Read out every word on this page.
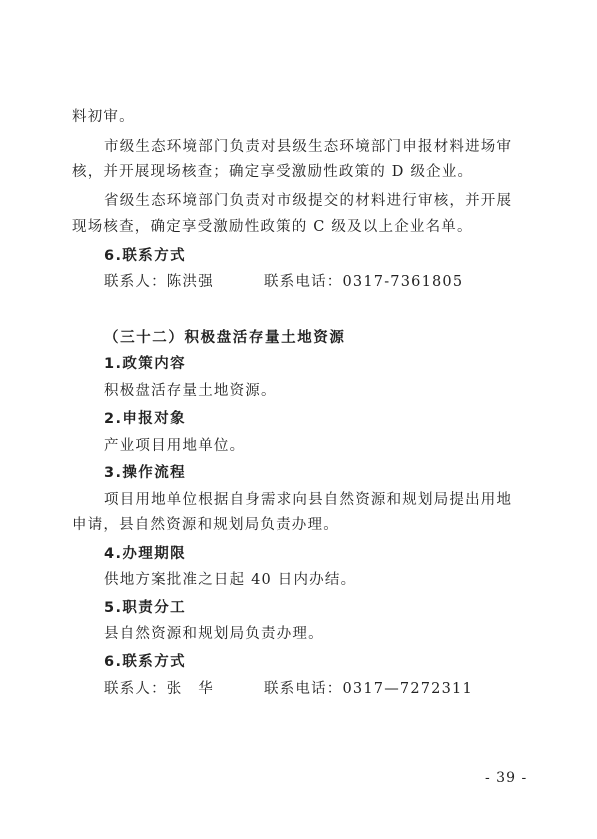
料初审。
市级生态环境部门负责对县级生态环境部门申报材料进场审
核，并开展现场核查；确定享受激励性政策的 D 级企业。
省级生态环境部门负责对市级提交的材料进行审核，并开展
现场核查，确定享受激励性政策的 C 级及以上企业名单。
6.联系方式
联系人：陈洪强	联系电话：0317-7361805
（三十二）积极盘活存量土地资源
1.政策内容
积极盘活存量土地资源。
2.申报对象
产业项目用地单位。
3.操作流程
项目用地单位根据自身需求向县自然资源和规划局提出用地
申请，县自然资源和规划局负责办理。
4.办理期限
供地方案批准之日起 40 日内办结。
5.职责分工
县自然资源和规划局负责办理。
6.联系方式
联系人：张　华	联系电话：0317—7272311
- 39 -
